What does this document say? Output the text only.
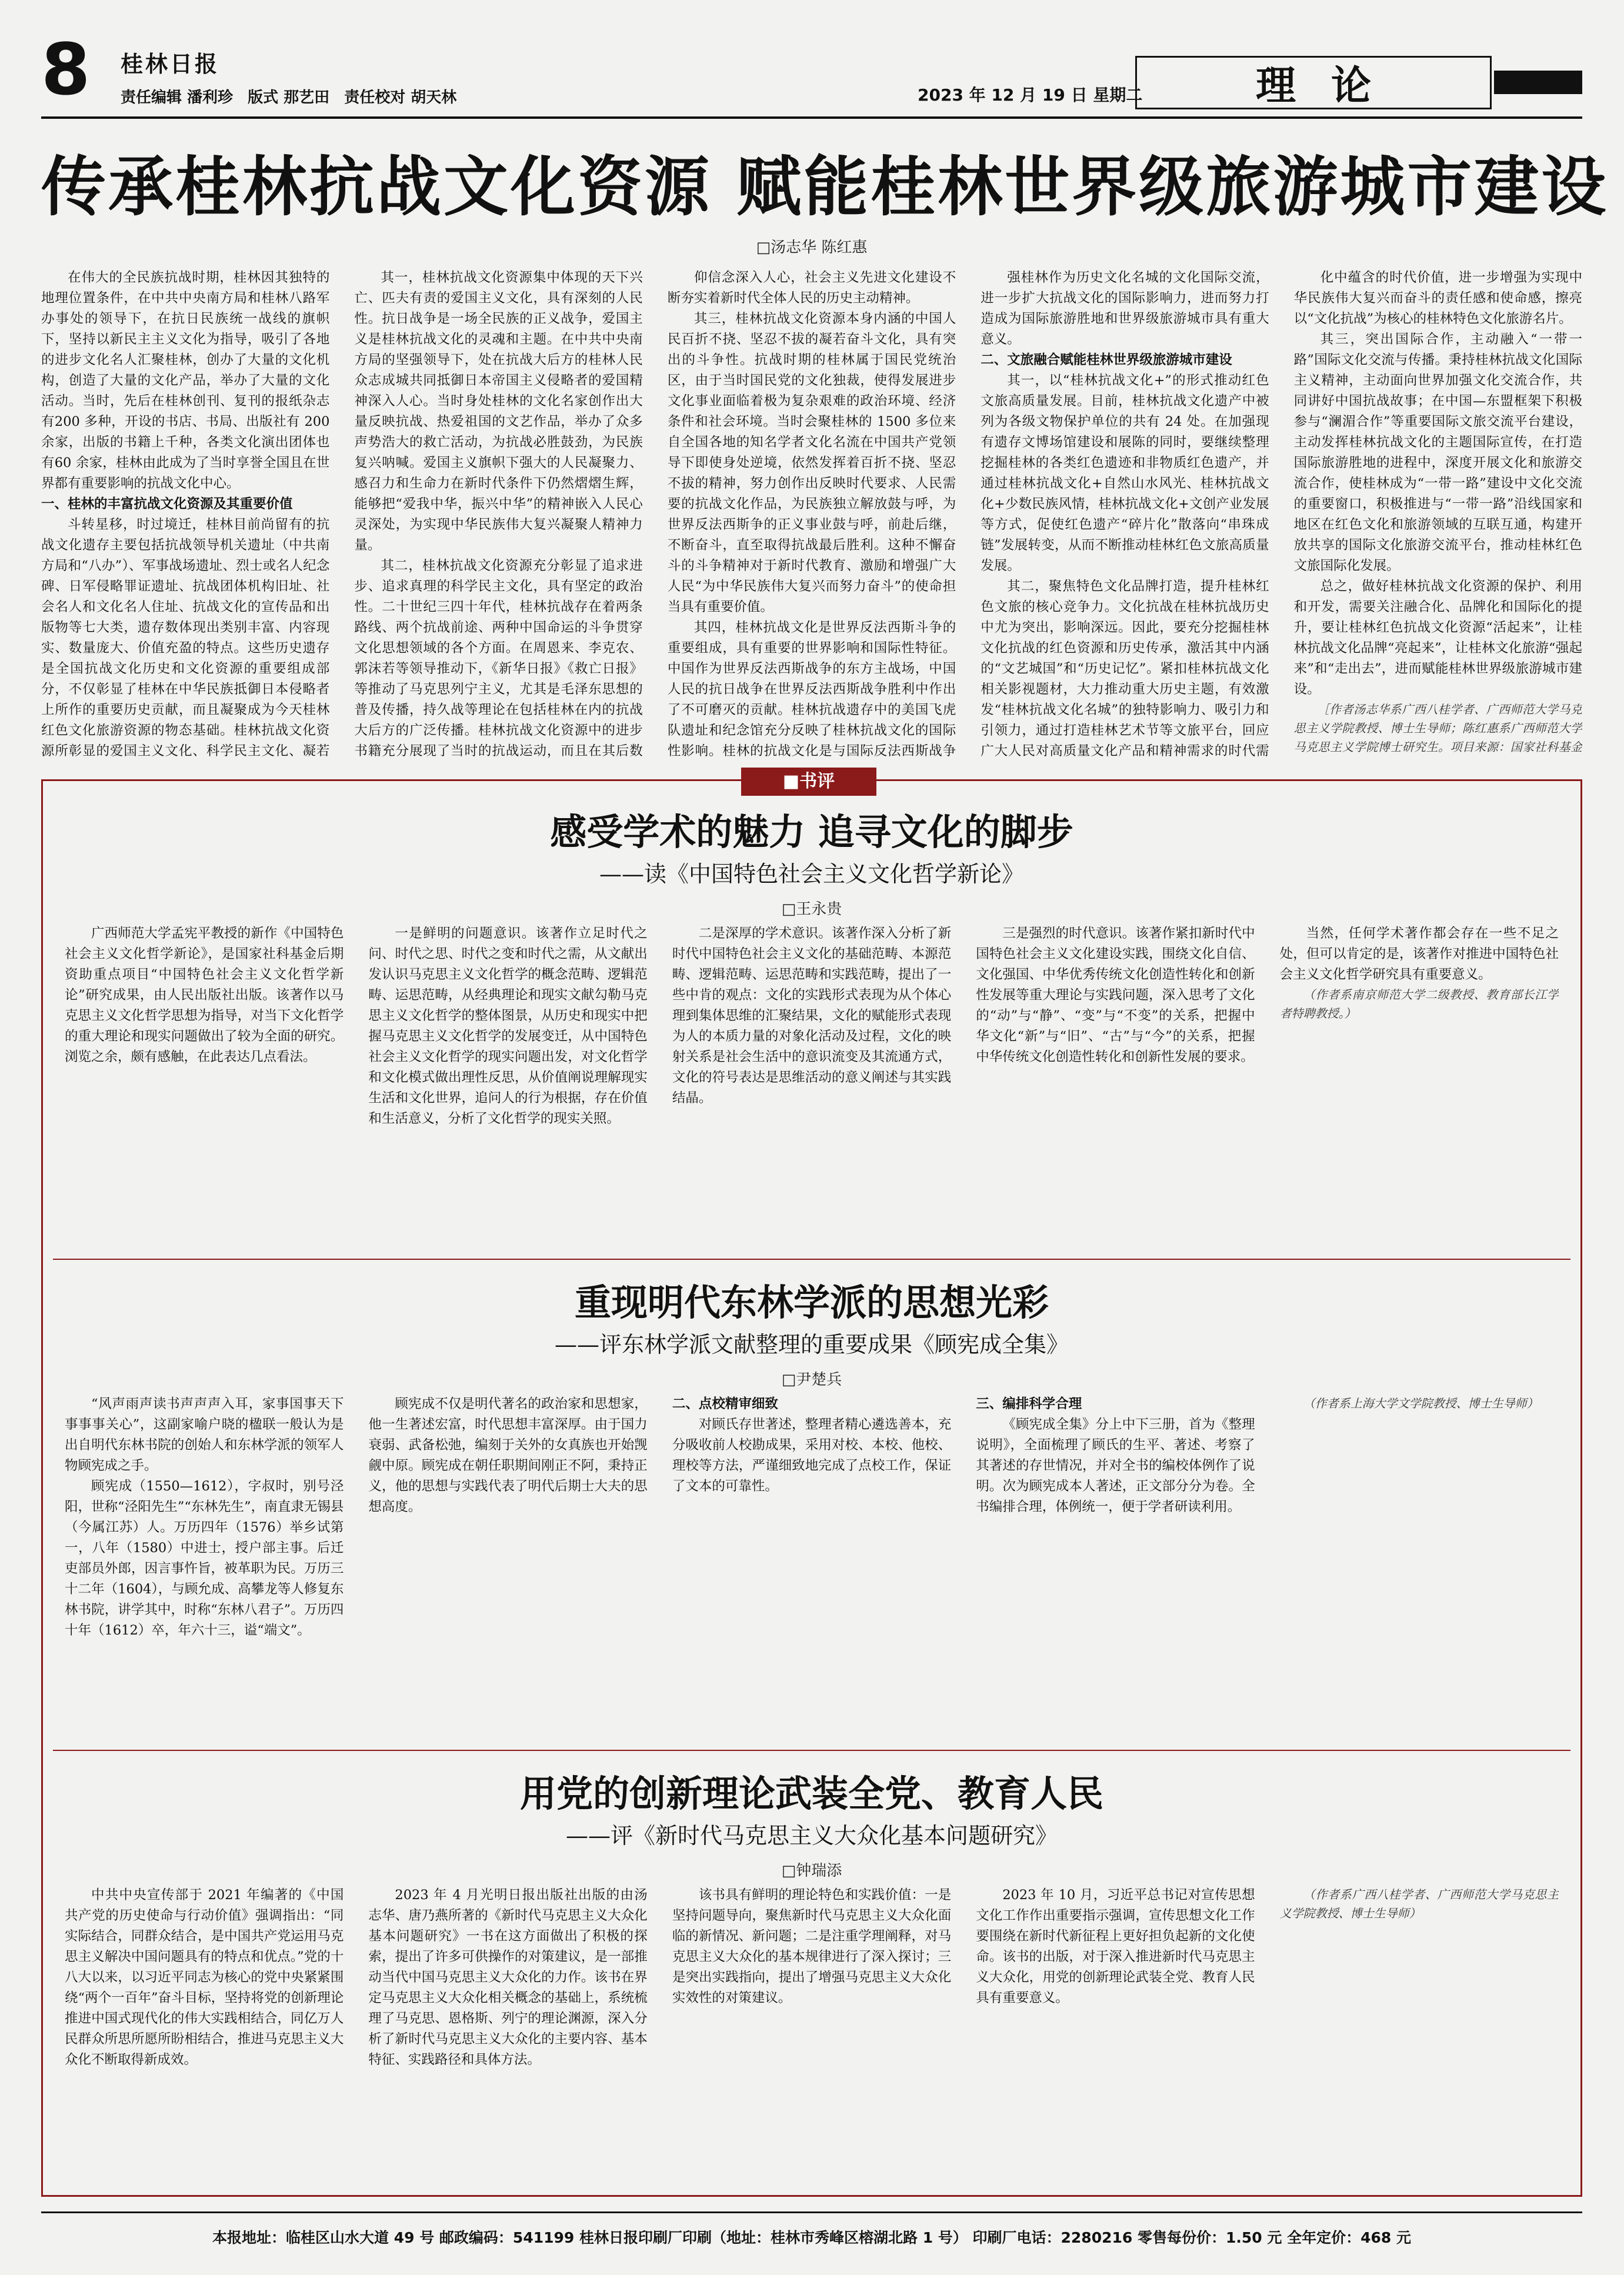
8 桂林日报
责任编辑 潘利珍 版式 那艺田 责任校对 胡天林	2023 年 12 月 19 日 星期二	理论
传承桂林抗战文化资源 赋能桂林世界级旅游城市建设
□汤志华 陈红惠

在伟大的全民族抗战时期，桂林因其独特的地理位置条件，在中共中央南方局和桂林八路军办事处的领导下，在抗日民族统一战线的旗帜下，坚持以新民主主义文化为指导，吸引了各地的进步文化名人汇聚桂林，创办了大量的文化机构，创造了大量的文化产品，举办了大量的文化活动。当时，先后在桂林创刊、复刊的报纸杂志有200 多种，开设的书店、书局、出版社有 200 余家，出版的书籍上千种，各类文化演出团体也有60 余家，桂林由此成为了当时享誉全国且在世界都有重要影响的抗战文化中心。

一、桂林的丰富抗战文化资源及其重要价值

斗转星移，时过境迁，桂林目前尚留有的抗战文化遗存主要包括抗战领导机关遗址（中共南方局和“八办”）、军事战场遗址、烈士或名人纪念碑、日军侵略罪证遗址、抗战团体机构旧址、社会名人和文化名人住址、抗战文化的宣传品和出版物等七大类，遗存数体现出类别丰富、内容现实、数量庞大、价值充盈的特点。这些历史遗存是全国抗战文化历史和文化资源的重要组成部分，不仅彰显了桂林在中华民族抵御日本侵略者上所作的重要历史贡献，而且凝聚成为今天桂林红色文化旅游资源的物态基础。桂林抗战文化资源所彰显的爱国主义文化、科学民主文化、凝若

其一，桂林抗战文化资源集中体现的天下兴亡、匹夫有责的爱国主义文化，具有深刻的人民性。抗日战争是一场全民族的正义战争，爱国主义是桂林抗战文化的灵魂和主题。在中共中央南方局的坚强领导下，处在抗战大后方的桂林人民众志成城共同抵御日本帝国主义侵略者的爱国精神深入人心。当时身处桂林的文化名家创作出大量反映抗战、热爱祖国的文艺作品，举办了众多声势浩大的救亡活动，为抗战必胜鼓劲，为民族复兴呐喊。爱国主义旗帜下强大的人民凝聚力、感召力和生命力在新时代条件下仍然熠熠生辉，能够把“爱我中华，振兴中华”的精神嵌入人民心灵深处，为实现中华民族伟大复兴凝聚人精神力量。

其二，桂林抗战文化资源充分彰显了追求进步、追求真理的科学民主文化，具有坚定的政治性。二十世纪三四十年代，桂林抗战存在着两条路线、两个抗战前途、两种中国命运的斗争贯穿文化思想领域的各个方面。在周恩来、李克农、郭沫若等领导推动下，《新华日报》《救亡日报》等推动了马克思列宁主义，尤其是毛泽东思想的普及传播，持久战等理论在包括桂林在内的抗战大后方的广泛传播。桂林抗战文化资源中的进步书籍充分展现了当时的抗战运动，而且在其后数

仰信念深入人心，社会主义先进文化建设不断夯实着新时代全体人民的历史主动精神。

其三，桂林抗战文化资源本身内涵的中国人民百折不挠、坚忍不拔的凝若奋斗文化，具有突出的斗争性。抗战时期的桂林属于国民党统治区，由于当时国民党的文化独裁，使得发展进步文化事业面临着极为复杂艰难的政治环境、经济条件和社会环境。当时会聚桂林的 1500 多位来自全国各地的知名学者文化名流在中国共产党领导下即使身处逆境，依然发挥着百折不挠、坚忍不拔的精神，努力创作出反映时代要求、人民需要的抗战文化作品，为民族独立解放鼓与呼，为世界反法西斯争的正义事业鼓与呼，前赴后继，不断奋斗，直至取得抗战最后胜利。这种不懈奋斗的斗争精神对于新时代教育、激励和增强广大人民“为中华民族伟大复兴而努力奋斗”的使命担当具有重要价值。

其四，桂林抗战文化是世界反法西斯斗争的重要组成，具有重要的世界影响和国际性特征。中国作为世界反法西斯战争的东方主战场，中国人民的抗日战争在世界反法西斯战争胜利中作出了不可磨灭的贡献。桂林抗战遗存中的美国飞虎队遗址和纪念馆充分反映了桂林抗战文化的国际性影响。桂林的抗战文化是与国际反法西斯战争

强桂林作为历史文化名城的文化国际交流，进一步扩大抗战文化的国际影响力，进而努力打造成为国际旅游胜地和世界级旅游城市具有重大意义。

二、文旅融合赋能桂林世界级旅游城市建设

其一，以“桂林抗战文化+”的形式推动红色文旅高质量发展。目前，桂林抗战文化遗产中被列为各级文物保护单位的共有 24 处。在加强现有遗存文博场馆建设和展陈的同时，要继续整理挖掘桂林的各类红色遗迹和非物质红色遗产，并通过桂林抗战文化+自然山水风光、桂林抗战文化+少数民族风情，桂林抗战文化+文创产业发展等方式，促使红色遗产“碎片化”散落向“串珠成链”发展转变，从而不断推动桂林红色文旅高质量发展。

其二，聚焦特色文化品牌打造，提升桂林红色文旅的核心竞争力。文化抗战在桂林抗战历史中尤为突出，影响深远。因此，要充分挖掘桂林文化抗战的红色资源和历史传承，激活其中内涵的“文艺城国”和“历史记忆”。紧扣桂林抗战文化相关影视题材，大力推动重大历史主题，有效激发“桂林抗战文化名城”的独特影响力、吸引力和引领力，通过打造桂林艺术节等文旅平台，回应广大人民对高质量文化产品和精神需求的时代需

化中蕴含的时代价值，进一步增强为实现中华民族伟大复兴而奋斗的责任感和使命感，擦亮以“文化抗战”为核心的桂林特色文化旅游名片。

其三，突出国际合作，主动融入“一带一路”国际文化交流与传播。秉持桂林抗战文化国际主义精神，主动面向世界加强文化交流合作，共同讲好中国抗战故事；在中国—东盟框架下积极参与“澜湄合作”等重要国际文旅交流平台建设，主动发挥桂林抗战文化的主题国际宣传，在打造国际旅游胜地的进程中，深度开展文化和旅游交流合作，使桂林成为“一带一路”建设中文化交流的重要窗口，积极推进与“一带一路”沿线国家和地区在红色文化和旅游领域的互联互通，构建开放共享的国际文化旅游交流平台，推动桂林红色文旅国际化发展。

总之，做好桂林抗战文化资源的保护、利用和开发，需要关注融合化、品牌化和国际化的提升，要让桂林红色抗战文化资源“活起来”，让桂林抗战文化品牌“亮起来”，让桂林文化旅游“强起来”和“走出去”，进而赋能桂林世界级旅游城市建设。

［作者汤志华系广西八桂学者、广西师范大学马克思主义学院教授、博士生导师；陈红惠系广西师范大学马克思主义学院博士研究生。项目来源：国家社科基金

■书评
感受学术的魅力 追寻文化的脚步
——读《中国特色社会主义文化哲学新论》
□王永贵

广西师范大学孟宪平教授的新作《中国特色社会主义文化哲学新论》，是国家社科基金后期资助重点项目“中国特色社会主义文化哲学新论”研究成果，由人民出版社出版。该著作以马克思主义文化哲学思想为指导，对当下文化哲学的重大理论和现实问题做出了较为全面的研究。浏览之余，颇有感触，在此表达几点看法。

一是鲜明的问题意识。该著作立足时代之问、时代之思、时代之变和时代之需，从文献出发认识马克思主义文化哲学的概念范畴、逻辑范畴、运思范畴，从经典理论和现实文献勾勒马克思主义文化哲学的整体图景，从历史和现实中把握马克思主义文化哲学的发展变迁，从中国特色社会主义文化哲学的现实问题出发，对文化哲学和文化模式做出理性反思，从价值阐说理解现实生活和文化世界，追问人的行为根据，存在价值和生活意义，分析了文化哲学的现实关照。

二是深厚的学术意识。该著作深入分析了新时代中国特色社会主义文化的基础范畴、本源范畴、逻辑范畴、运思范畴和实践范畴，提出了一些中肯的观点：文化的实践形式表现为从个体心理到集体思维的汇聚结果，文化的赋能形式表现为人的本质力量的对象化活动及过程，文化的映射关系是社会生活中的意识流变及其流通方式，文化的符号表达是思维活动的意义阐述与其实践结晶。

三是强烈的时代意识。该著作紧扣新时代中国特色社会主义文化建设实践，围绕文化自信、文化强国、中华优秀传统文化创造性转化和创新性发展等重大理论与实践问题，深入思考了文化的“动”与“静”、“变”与“不变”的关系，把握中华文化“新”与“旧”、“古”与“今”的关系，把握中华传统文化创造性转化和创新性发展的要求。

当然，任何学术著作都会存在一些不足之处，但可以肯定的是，该著作对推进中国特色社会主义文化哲学研究具有重要意义。

（作者系南京师范大学二级教授、教育部长江学者特聘教授。）

重现明代东林学派的思想光彩
——评东林学派文献整理的重要成果《顾宪成全集》
□尹楚兵

“风声雨声读书声声声入耳，家事国事天下事事事关心”，这副家喻户晓的楹联一般认为是出自明代东林书院的创始人和东林学派的领军人物顾宪成之手。

顾宪成（1550—1612），字叔时，别号泾阳，世称“泾阳先生”“东林先生”，南直隶无锡县（今属江苏）人。万历四年（1576）举乡试第一，八年（1580）中进士，授户部主事。后迁吏部员外郎，因言事忤旨，被革职为民。万历三十二年（1604），与顾允成、高攀龙等人修复东林书院，讲学其中，时称“东林八君子”。万历四十年（1612）卒，年六十三，谥“端文”。

顾宪成不仅是明代著名的政治家和思想家，他一生著述宏富，时代思想丰富深厚。由于国力衰弱、武备松弛，编刻于关外的女真族也开始觊觎中原。顾宪成在朝任职期间刚正不阿，秉持正义，他的思想与实践代表了明代后期士大夫的思想高度。

二、点校精审细致

对顾氏存世著述，整理者精心遴选善本，充分吸收前人校勘成果，采用对校、本校、他校、理校等方法，严谨细致地完成了点校工作，保证了文本的可靠性。

三、编排科学合理

《顾宪成全集》分上中下三册，首为《整理说明》，全面梳理了顾氏的生平、著述、考察了其著述的存世情况，并对全书的编校体例作了说明。次为顾宪成本人著述，正文部分分为卷。全书编排合理，体例统一，便于学者研读利用。

（作者系上海大学文学院教授、博士生导师）

用党的创新理论武装全党、教育人民
——评《新时代马克思主义大众化基本问题研究》
□钟瑞添

中共中央宣传部于 2021 年编著的《中国共产党的历史使命与行动价值》强调指出：“同实际结合，同群众结合，是中国共产党运用马克思主义解决中国问题具有的特点和优点。”党的十八大以来，以习近平同志为核心的党中央紧紧围绕“两个一百年”奋斗目标，坚持将党的创新理论推进中国式现代化的伟大实践相结合，同亿万人民群众所思所愿所盼相结合，推进马克思主义大众化不断取得新成效。

2023 年 4 月光明日报出版社出版的由汤志华、唐乃燕所著的《新时代马克思主义大众化基本问题研究》一书在这方面做出了积极的探索，提出了许多可供操作的对策建议，是一部推动当代中国马克思主义大众化的力作。该书在界定马克思主义大众化相关概念的基础上，系统梳理了马克思、恩格斯、列宁的理论渊源，深入分析了新时代马克思主义大众化的主要内容、基本特征、实践路径和具体方法。

该书具有鲜明的理论特色和实践价值：一是坚持问题导向，聚焦新时代马克思主义大众化面临的新情况、新问题；二是注重学理阐释，对马克思主义大众化的基本规律进行了深入探讨；三是突出实践指向，提出了增强马克思主义大众化实效性的对策建议。

2023 年 10 月，习近平总书记对宣传思想文化工作作出重要指示强调，宣传思想文化工作要围绕在新时代新征程上更好担负起新的文化使命。该书的出版，对于深入推进新时代马克思主义大众化，用党的创新理论武装全党、教育人民具有重要意义。

（作者系广西八桂学者、广西师范大学马克思主义学院教授、博士生导师）

本报地址：临桂区山水大道 49 号 邮政编码：541199 桂林日报印刷厂印刷（地址：桂林市秀峰区榕湖北路 1 号） 印刷厂电话：2280216 零售每份价：1.50 元 全年定价：468 元
